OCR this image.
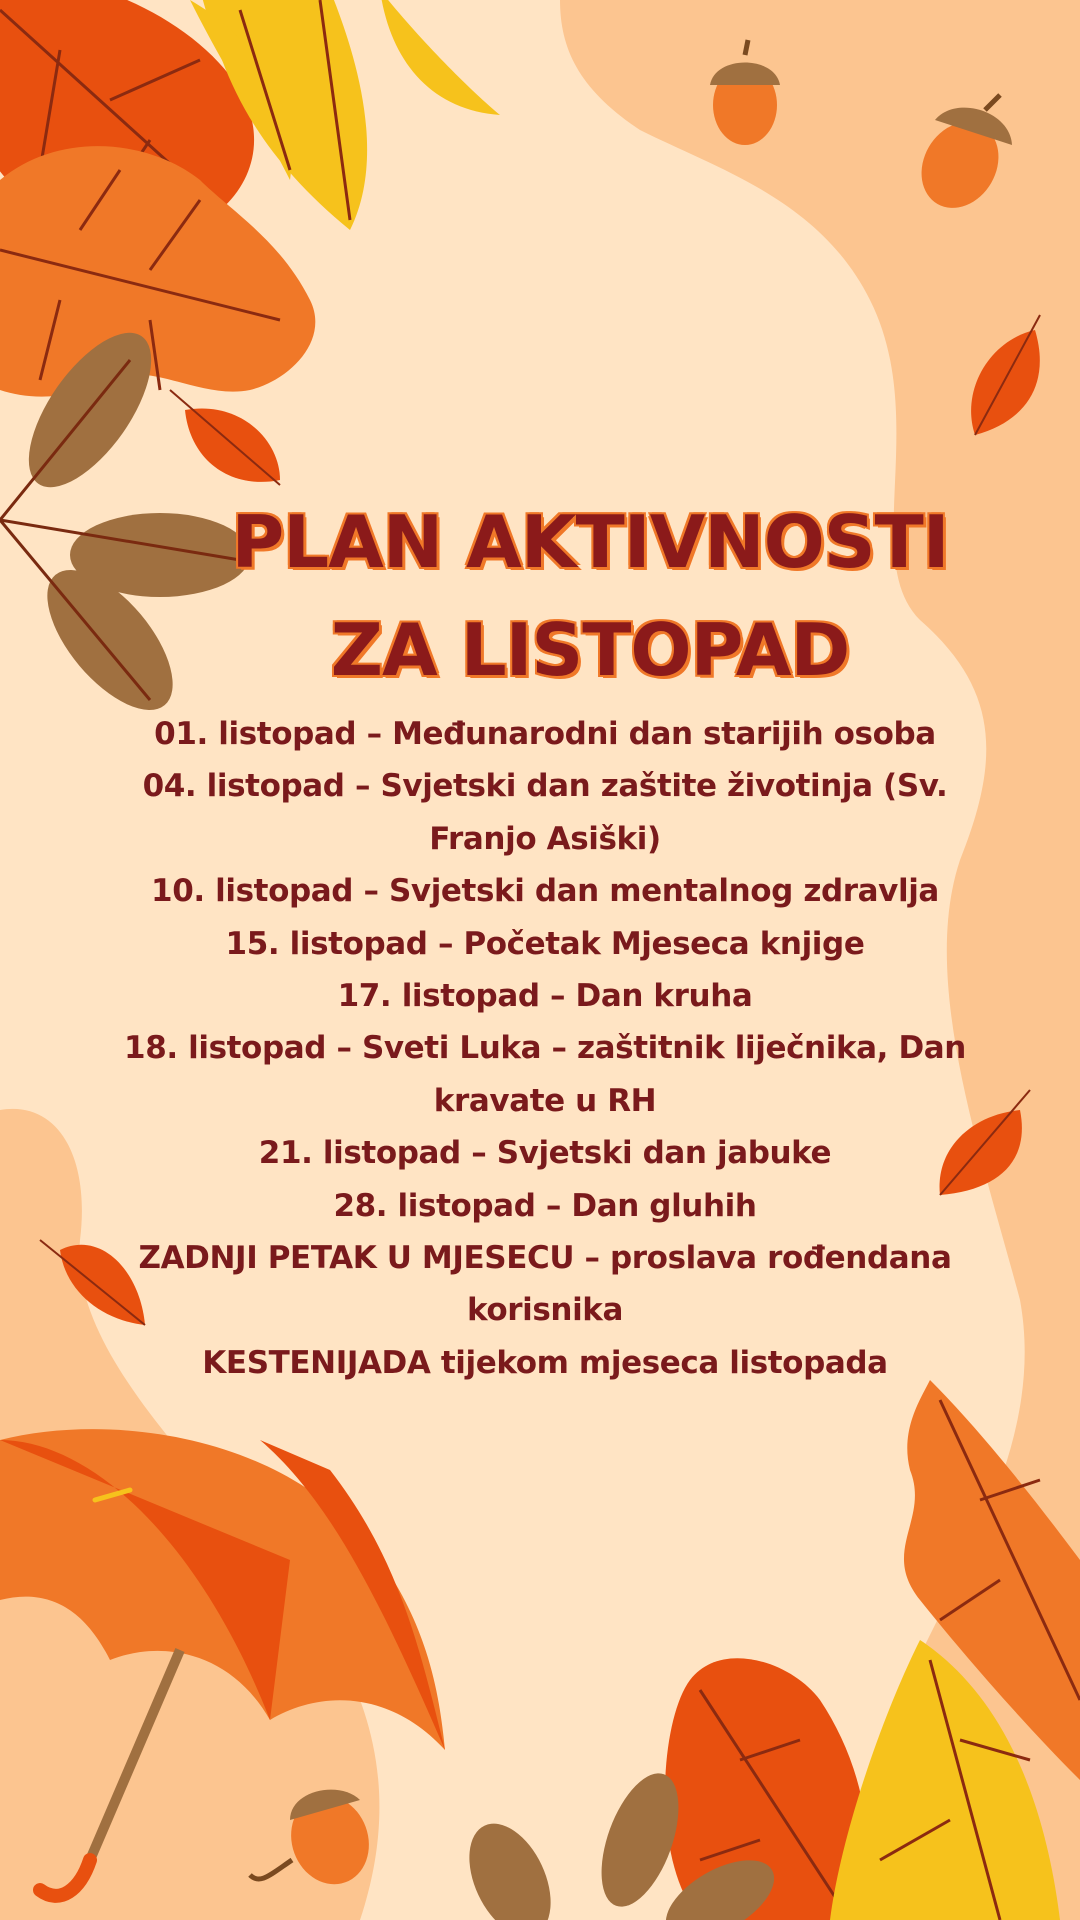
PLAN AKTIVNOSTI
ZA LISTOPAD
01. listopad – Međunarodni dan starijih osoba
04. listopad – Svjetski dan zaštite životinja (Sv. Franjo Asiški)
10. listopad – Svjetski dan mentalnog zdravlja
15. listopad – Početak Mjeseca knjige
17. listopad – Dan kruha
18. listopad – Sveti Luka – zaštitnik liječnika, Dan kravate u RH
21. listopad – Svjetski dan jabuke
28. listopad – Dan gluhih
ZADNJI PETAK U MJESECU – proslava rođendana korisnika
KESTENIJADA tijekom mjeseca listopada
